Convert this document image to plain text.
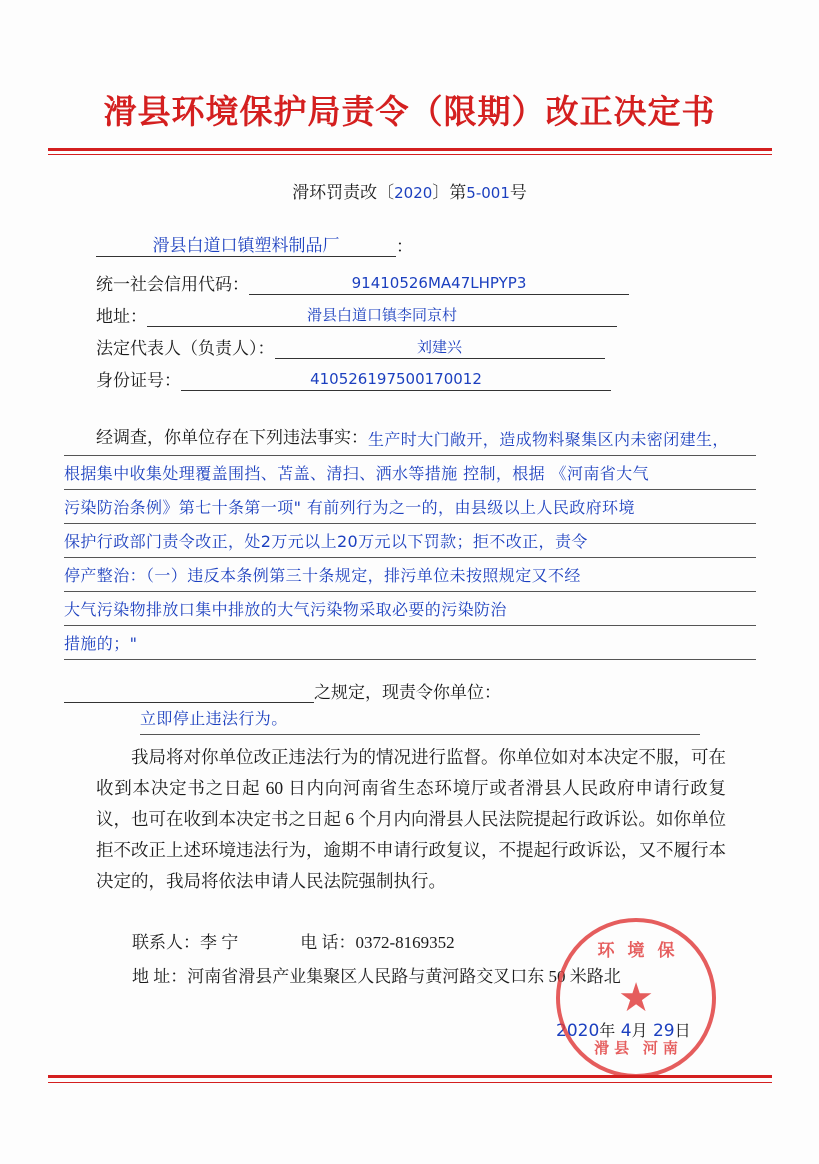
滑县环境保护局责令（限期）改正决定书
滑环罚责改〔2020〕第5-001号
滑县白道口镇塑料制品厂	：
统一社会信用代码：	91410526MA47LHPYP3
地址：	滑县白道口镇李同京村
法定代表人（负责人）：	刘建兴
身份证号：	410526197500170012
经调查，你单位存在下列违法事实：生产时大门敞开，造成物料聚集区内未密闭建生，
根据集中收集处理覆盖围挡、苫盖、清扫、洒水等措施 控制，根据 《河南省大气
污染防治条例》第七十条第一项" 有前列行为之一的，由县级以上人民政府环境
保护行政部门责令改正，处2万元以上20万元以下罚款；拒不改正，责令
停产整治：（一）违反本条例第三十条规定，排污单位未按照规定又不经
大气污染物排放口集中排放的大气污染物采取必要的污染防治
措施的；"
之规定，现责令你单位：
立即停止违法行为。
我局将对你单位改正违法行为的情况进行监督。你单位如对本决定不服，可在收到本决定书之日起 60 日内向河南省生态环境厅或者滑县人民政府申请行政复议，也可在收到本决定书之日起 6 个月内向滑县人民法院提起行政诉讼。如你单位拒不改正上述环境违法行为，逾期不申请行政复议，不提起行政诉讼，又不履行本决定的，我局将依法申请人民法院强制执行。
联系人：李 宁	电 话：0372-8169352
地 址：河南省滑县产业集聚区人民路与黄河路交叉口东 50 米路北
2020年 4月 29日
环境保
★
滑县 河南
